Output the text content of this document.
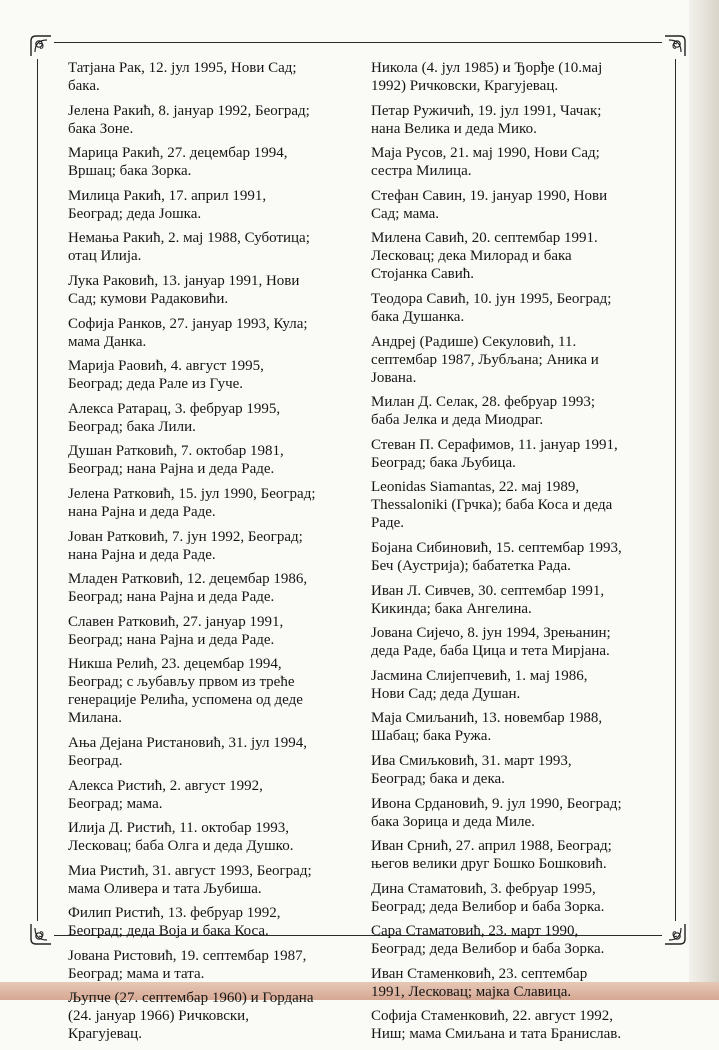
Татјана Рак, 12. јул 1995, Нови Сад;
бака.

Јелена Ракић, 8. јануар 1992, Београд;
бака Зоне.

Марица Ракић, 27. децембар 1994,
Вршац; бака Зорка.

Милица Ракић, 17. април 1991,
Београд; деда Јошка.

Немања Ракић, 2. мај 1988, Суботица;
отац Илија.

Лука Раковић, 13. јануар 1991, Нови
Сад; кумови Радаковићи.

Софија Ранков, 27. јануар 1993, Кула;
мама Данка.

Марија Раовић, 4. август 1995,
Београд; деда Рале из Гуче.

Алекса Ратарац, 3. фебруар 1995,
Београд; бака Лили.

Душан Ратковић, 7. октобар 1981,
Београд; нана Рајна и деда Раде.

Јелена Ратковић, 15. јул 1990, Београд;
нана Рајна и деда Раде.

Јован Ратковић, 7. јун 1992, Београд;
нана Рајна и деда Раде.

Младен Ратковић, 12. децембар 1986,
Београд; нана Рајна и деда Раде.

Славен Ратковић, 27. јануар 1991,
Београд; нана Рајна и деда Раде.

Никша Релић, 23. децембар 1994,
Београд; с љубављу првом из треће
генерације Релића, успомена од деде
Милана.

Ања Дејана Ристановић, 31. јул 1994,
Београд.

Алекса Ристић, 2. август 1992,
Београд; мама.

Илија Д. Ристић, 11. октобар 1993,
Лесковац; баба Олга и деда Душко.

Миа Ристић, 31. август 1993, Београд;
мама Оливера и тата Љубиша.

Филип Ристић, 13. фебруар 1992,
Београд; деда Воја и бака Коса.

Јована Ристовић, 19. септембар 1987,
Београд; мама и тата.

Љупче (27. септембар 1960) и Гордана
(24. јануар 1966) Ричковски,
Крагујевац.

Никола (4. јул 1985) и Ђорђе (10.мај
1992) Ричковски, Крагујевац.

Петар Ружичић, 19. јул 1991, Чачак;
нана Велика и деда Мико.

Маја Русов, 21. мај 1990, Нови Сад;
сестра Милица.

Стефан Савин, 19. јануар 1990, Нови
Сад; мама.

Милена Савић, 20. септембар 1991.
Лесковац; дека Милорад и бака
Стојанка Савић.

Теодора Савић, 10. јун 1995, Београд;
бака Душанка.

Андреј (Радише) Секуловић, 11.
септембар 1987, Љубљана; Аника и
Јована.

Милан Д. Селак, 28. фебруар 1993;
баба Јелка и деда Миодраг.

Стеван П. Серафимов, 11. јануар 1991,
Београд; бака Љубица.

Leonidas Siamantas, 22. мај 1989,
Thessaloniki (Грчка); баба Коса и деда
Раде.

Бојана Сибиновић, 15. септембар 1993,
Беч (Аустрија); бабатетка Рада.

Иван Л. Сивчев, 30. септембар 1991,
Кикинда; бака Ангелина.

Јована Сијечо, 8. јун 1994, Зрењанин;
деда Раде, баба Цица и тета Мирјана.

Јасмина Слијепчевић, 1. мај 1986,
Нови Сад; деда Душан.

Маја Смиљанић, 13. новембар 1988,
Шабац; бака Ружа.

Ива Смиљковић, 31. март 1993,
Београд; бака и дека.

Ивона Срдановић, 9. јул 1990, Београд;
бака Зорица и деда Миле.

Иван Срнић, 27. април 1988, Београд;
његов велики друг Бошко Бошковић.

Дина Стаматовић, 3. фебруар 1995,
Београд; деда Велибор и баба Зорка.

Сара Стаматовић, 23. март 1990,
Београд; деда Велибор и баба Зорка.

Иван Стаменковић, 23. септембар
1991, Лесковац; мајка Славица.

Софија Стаменковић, 22. август 1992,
Ниш; мама Смиљана и тата Бранислав.
